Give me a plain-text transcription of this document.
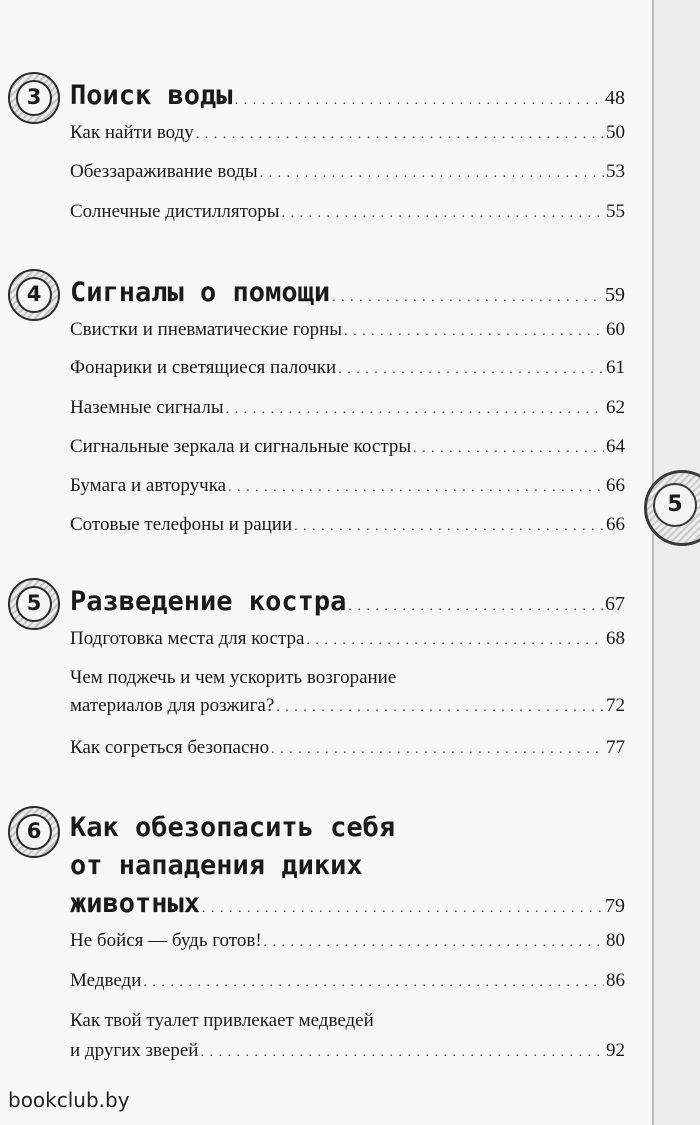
3	Поиск воды . . .	48
Как найти воду . . .	50
Обеззараживание воды . . .	53
Солнечные дистилляторы . . .	55
4	Сигналы о помощи . . .	59
Свистки и пневматические горны . . .	60
Фонарики и светящиеся палочки . . .	61
Наземные сигналы . . .	62
Сигнальные зеркала и сигнальные костры . . .	64
Бумага и авторучка . . .	66
Сотовые телефоны и рации . . .	66
5	Разведение костра . . .	67
Подготовка места для костра . . .	68
Чем поджечь и чем ускорить возгорание
материалов для розжига? . . .	72
Как согреться безопасно . . .	77
6	Как обезопасить себя
от нападения диких
животных . . .	79
Не бойся — будь готов! . . .	80
Медведи . . .	86
Как твой туалет привлекает медведей
и других зверей . . .	92
bookclub.by
5
